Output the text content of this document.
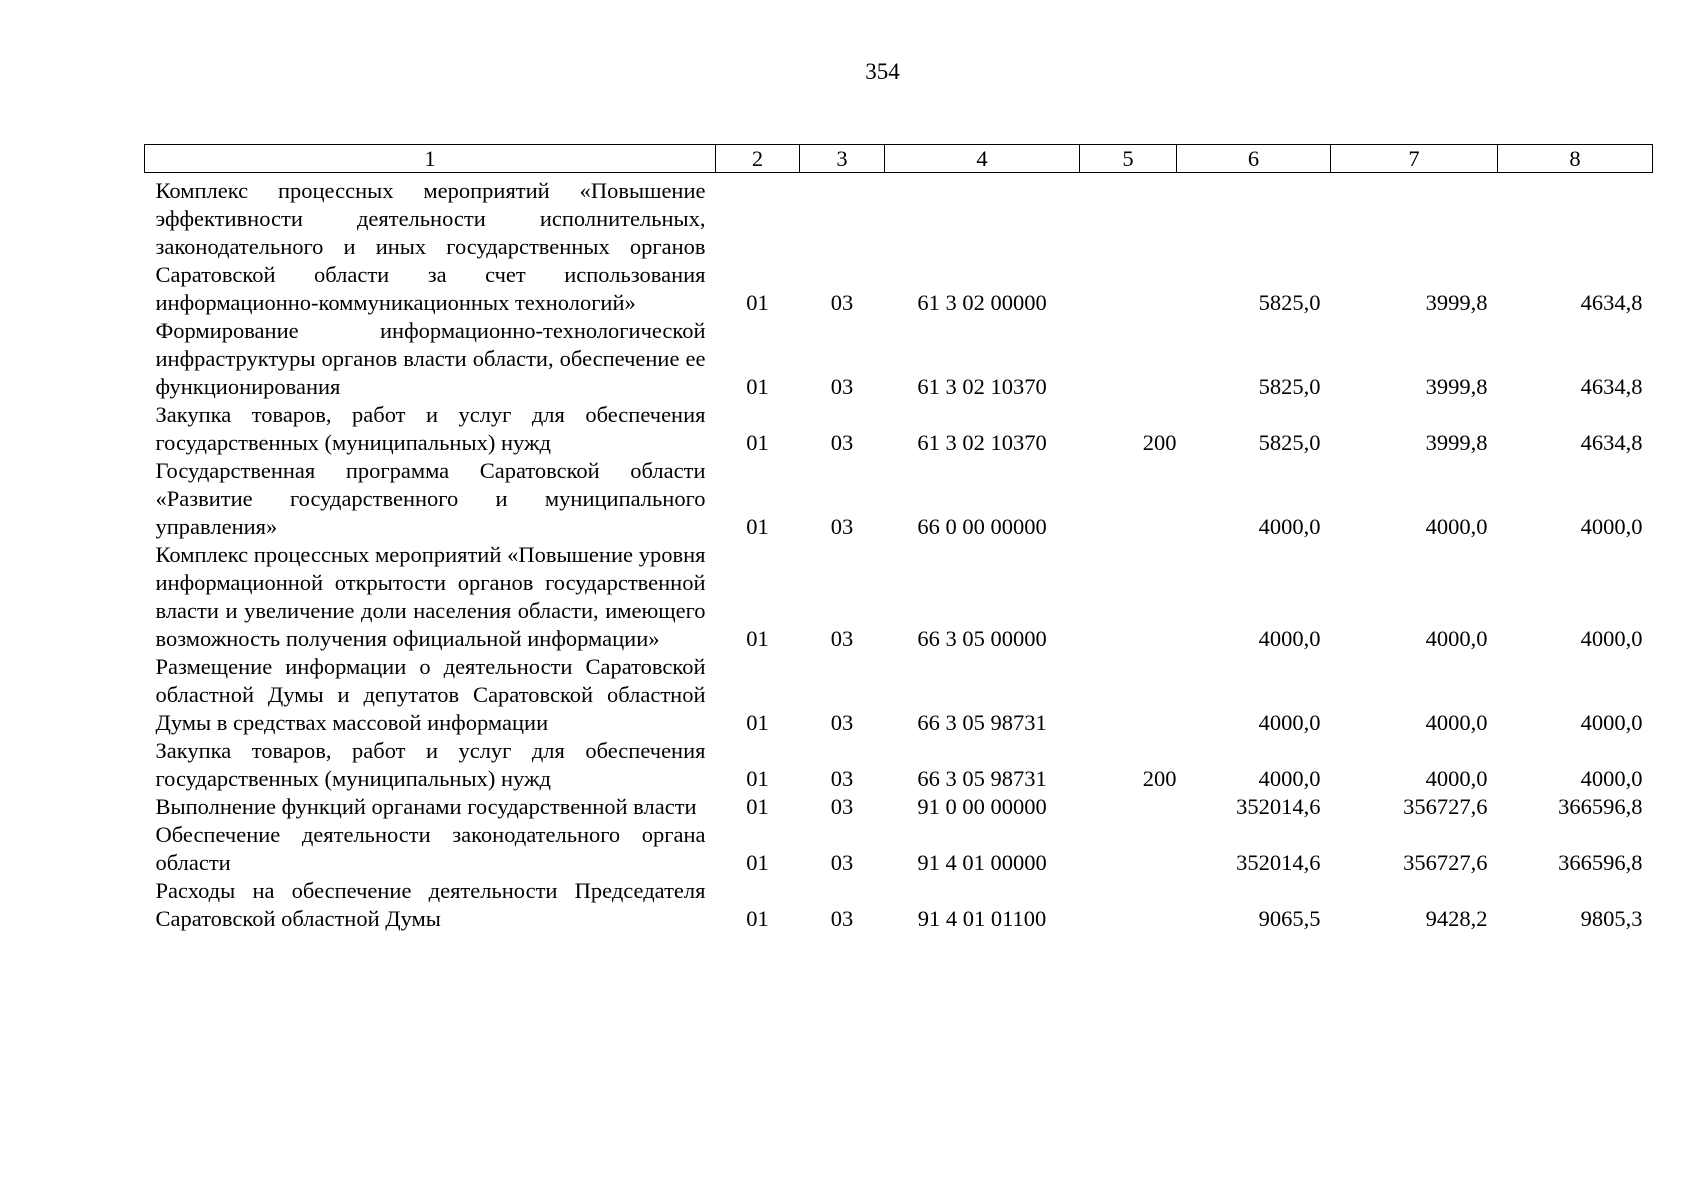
354
1	2	3	4	5	6	7	8
Комплекс процессных мероприятий «Повышение эффективности деятельности исполнительных, законодательного и иных государственных органов Саратовской области за счет использования информационно-коммуникационных технологий»	01	03	61 3 02 00000		5825,0	3999,8	4634,8
Формирование информационно-технологической инфраструктуры органов власти области, обеспечение ее функционирования	01	03	61 3 02 10370		5825,0	3999,8	4634,8
Закупка товаров, работ и услуг для обеспечения государственных (муниципальных) нужд	01	03	61 3 02 10370	200	5825,0	3999,8	4634,8
Государственная программа Саратовской области «Развитие государственного и муниципального управления»	01	03	66 0 00 00000		4000,0	4000,0	4000,0
Комплекс процессных мероприятий «Повышение уровня информационной открытости органов государственной власти и увеличение доли населения области, имеющего возможность получения официальной информации»	01	03	66 3 05 00000		4000,0	4000,0	4000,0
Размещение информации о деятельности Саратовской областной Думы и депутатов Саратовской областной Думы в средствах массовой информации	01	03	66 3 05 98731		4000,0	4000,0	4000,0
Закупка товаров, работ и услуг для обеспечения государственных (муниципальных) нужд	01	03	66 3 05 98731	200	4000,0	4000,0	4000,0
Выполнение функций органами государственной власти	01	03	91 0 00 00000		352014,6	356727,6	366596,8
Обеспечение деятельности законодательного органа области	01	03	91 4 01 00000		352014,6	356727,6	366596,8
Расходы на обеспечение деятельности Председателя Саратовской областной Думы	01	03	91 4 01 01100		9065,5	9428,2	9805,3
